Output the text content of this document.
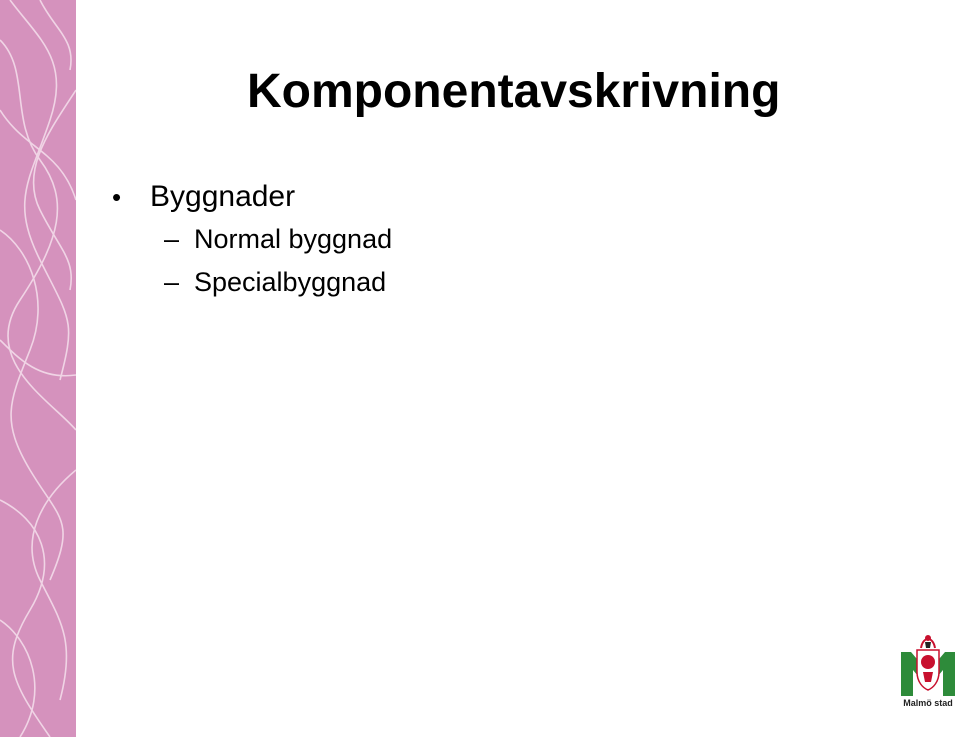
Komponentavskrivning
• Byggnader
– Normal byggnad
– Specialbyggnad
Malmö stad
